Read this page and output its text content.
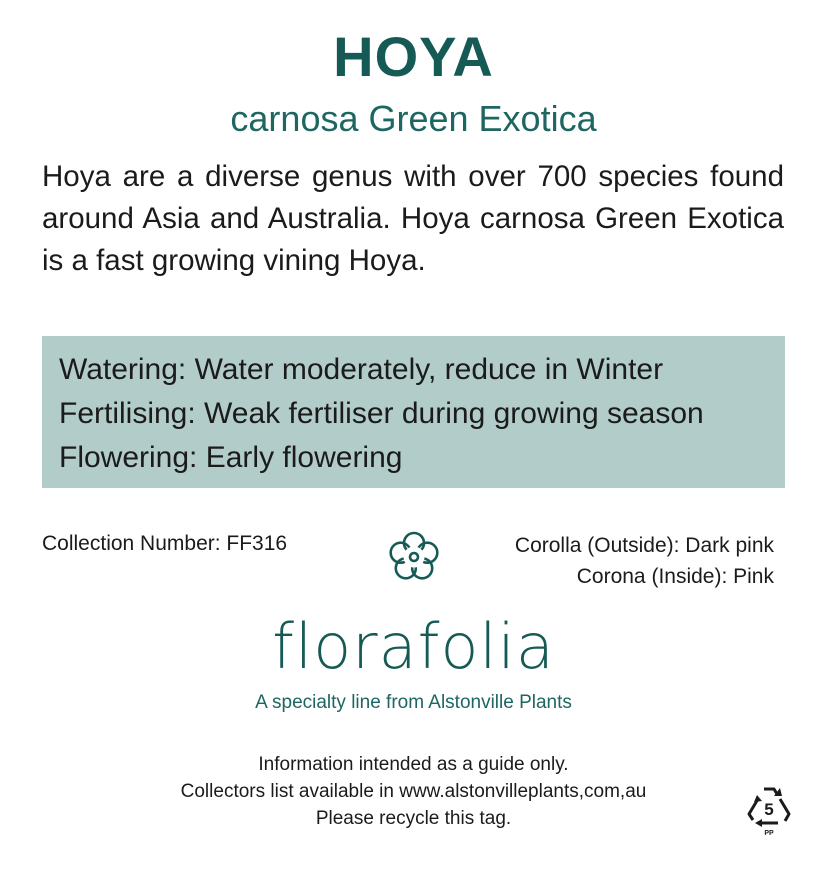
HOYA
carnosa Green Exotica

Hoya are a diverse genus with over 700 species found around Asia and Australia. Hoya carnosa Green Exotica is a fast growing vining Hoya.

Watering: Water moderately, reduce in Winter
Fertilising: Weak fertiliser during growing season
Flowering: Early flowering
Collection Number: FF316	Corolla (Outside): Dark pink
Corona (Inside): Pink
florafolia
A specialty line from Alstonville Plants
Information intended as a guide only.
Collectors list available in www.alstonvilleplants,com,au
Please recycle this tag.	5
PP
